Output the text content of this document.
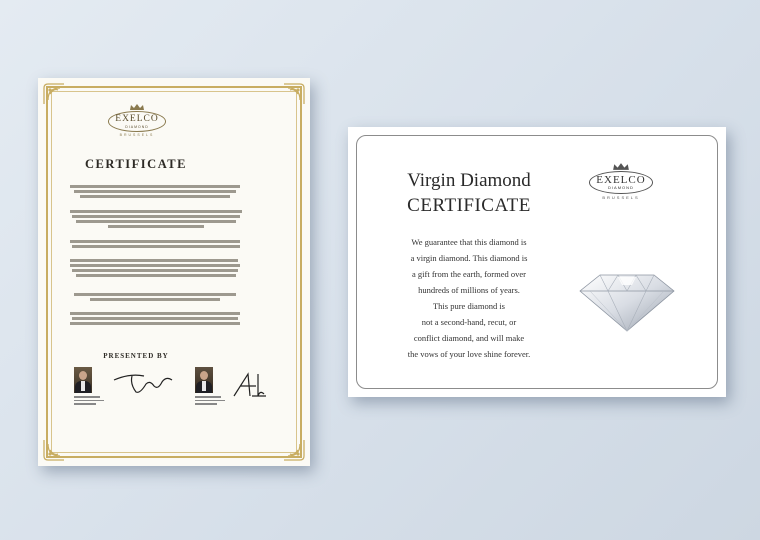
EXELCO
DIAMOND
BRUSSELS
CERTIFICATE
PRESENTED BY
Virgin Diamond
CERTIFICATE
We guarantee that this diamond is
a virgin diamond. This diamond is
a gift from the earth, formed over
hundreds of millions of years.
This pure diamond is
not a second-hand, recut, or
conflict diamond, and will make
the vows of your love shine forever.
EXELCO
DIAMOND
BRUSSELS
